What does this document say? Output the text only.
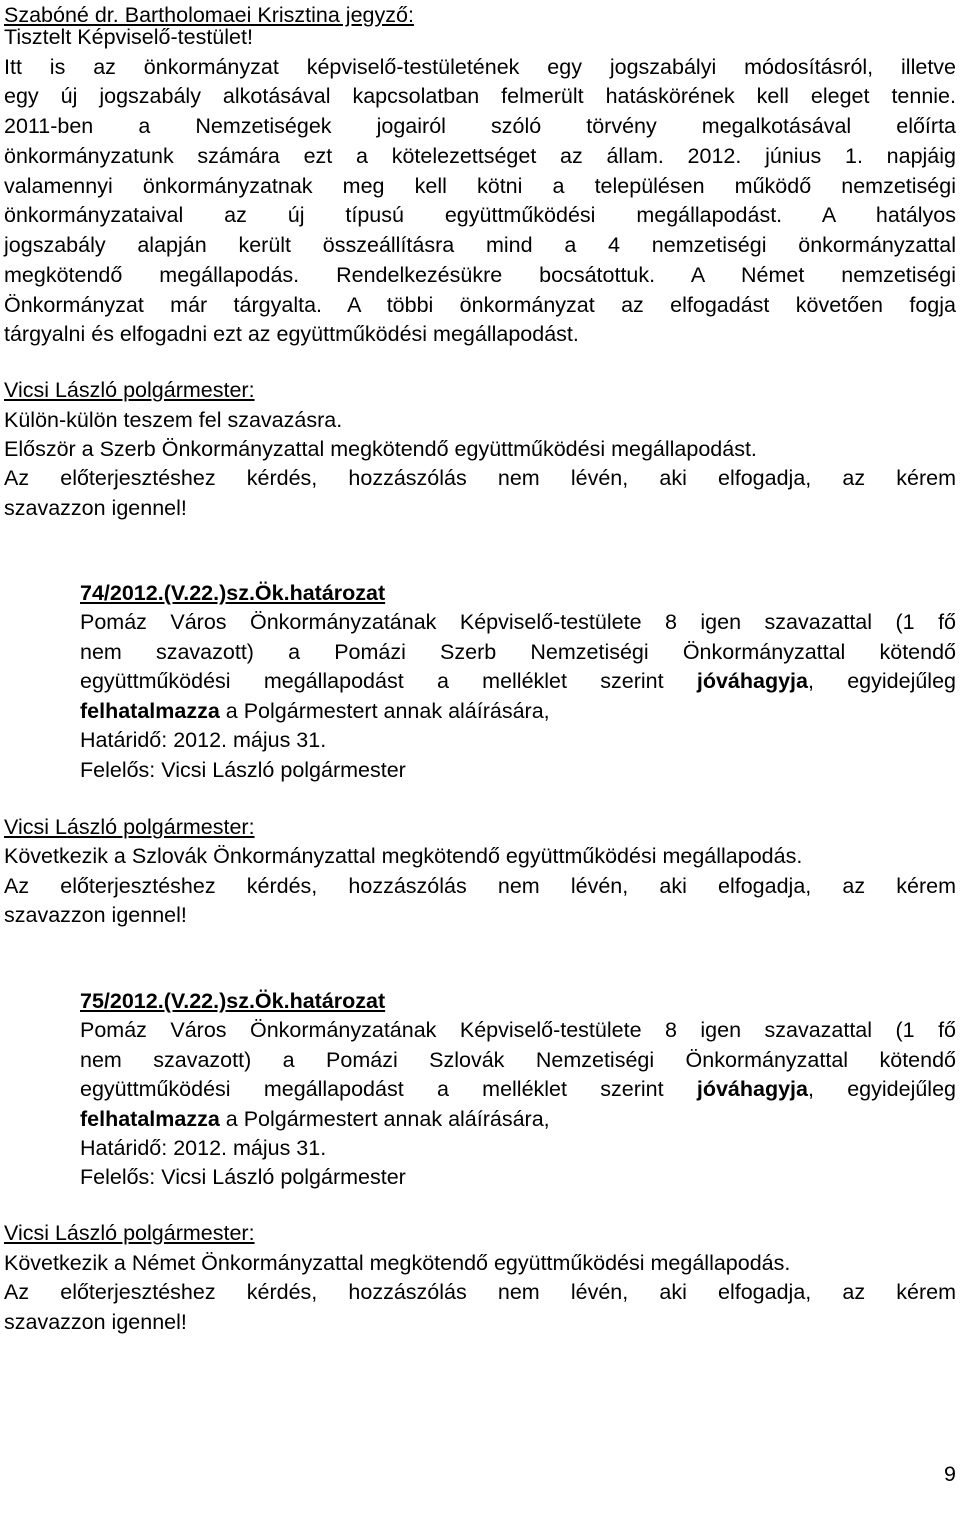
Szabóné dr. Bartholomaei Krisztina jegyző:
Tisztelt Képviselő-testület!
Itt is az önkormányzat képviselő-testületének egy jogszabályi módosításról, illetve
egy új jogszabály alkotásával kapcsolatban felmerült hatáskörének kell eleget tennie.
2011-ben a Nemzetiségek jogairól szóló törvény megalkotásával előírta
önkormányzatunk számára ezt a kötelezettséget az állam. 2012. június 1. napjáig
valamennyi önkormányzatnak meg kell kötni a településen működő nemzetiségi
önkormányzataival az új típusú együttműködési megállapodást. A hatályos
jogszabály alapján került összeállításra mind a 4 nemzetiségi önkormányzattal
megkötendő megállapodás. Rendelkezésükre bocsátottuk. A Német nemzetiségi
Önkormányzat már tárgyalta. A többi önkormányzat az elfogadást követően fogja
tárgyalni és elfogadni ezt az együttműködési megállapodást.
Vicsi László polgármester:
Külön-külön teszem fel szavazásra.
Először a Szerb Önkormányzattal megkötendő együttműködési megállapodást.
Az előterjesztéshez kérdés, hozzászólás nem lévén, aki elfogadja, az kérem
szavazzon igennel!
74/2012.(V.22.)sz.Ök.határozat
Pomáz Város Önkormányzatának Képviselő-testülete 8 igen szavazattal (1 fő
nem szavazott) a Pomázi Szerb Nemzetiségi Önkormányzattal kötendő
együttműködési megállapodást a melléklet szerint jóváhagyja, egyidejűleg
felhatalmazza a Polgármestert annak aláírására,
Határidő: 2012. május 31.
Felelős: Vicsi László polgármester
Vicsi László polgármester:
Következik a Szlovák Önkormányzattal megkötendő együttműködési megállapodás.
Az előterjesztéshez kérdés, hozzászólás nem lévén, aki elfogadja, az kérem
szavazzon igennel!
75/2012.(V.22.)sz.Ök.határozat
Pomáz Város Önkormányzatának Képviselő-testülete 8 igen szavazattal (1 fő
nem szavazott) a Pomázi Szlovák Nemzetiségi Önkormányzattal kötendő
együttműködési megállapodást a melléklet szerint jóváhagyja, egyidejűleg
felhatalmazza a Polgármestert annak aláírására,
Határidő: 2012. május 31.
Felelős: Vicsi László polgármester
Vicsi László polgármester:
Következik a Német Önkormányzattal megkötendő együttműködési megállapodás.
Az előterjesztéshez kérdés, hozzászólás nem lévén, aki elfogadja, az kérem
szavazzon igennel!
9
